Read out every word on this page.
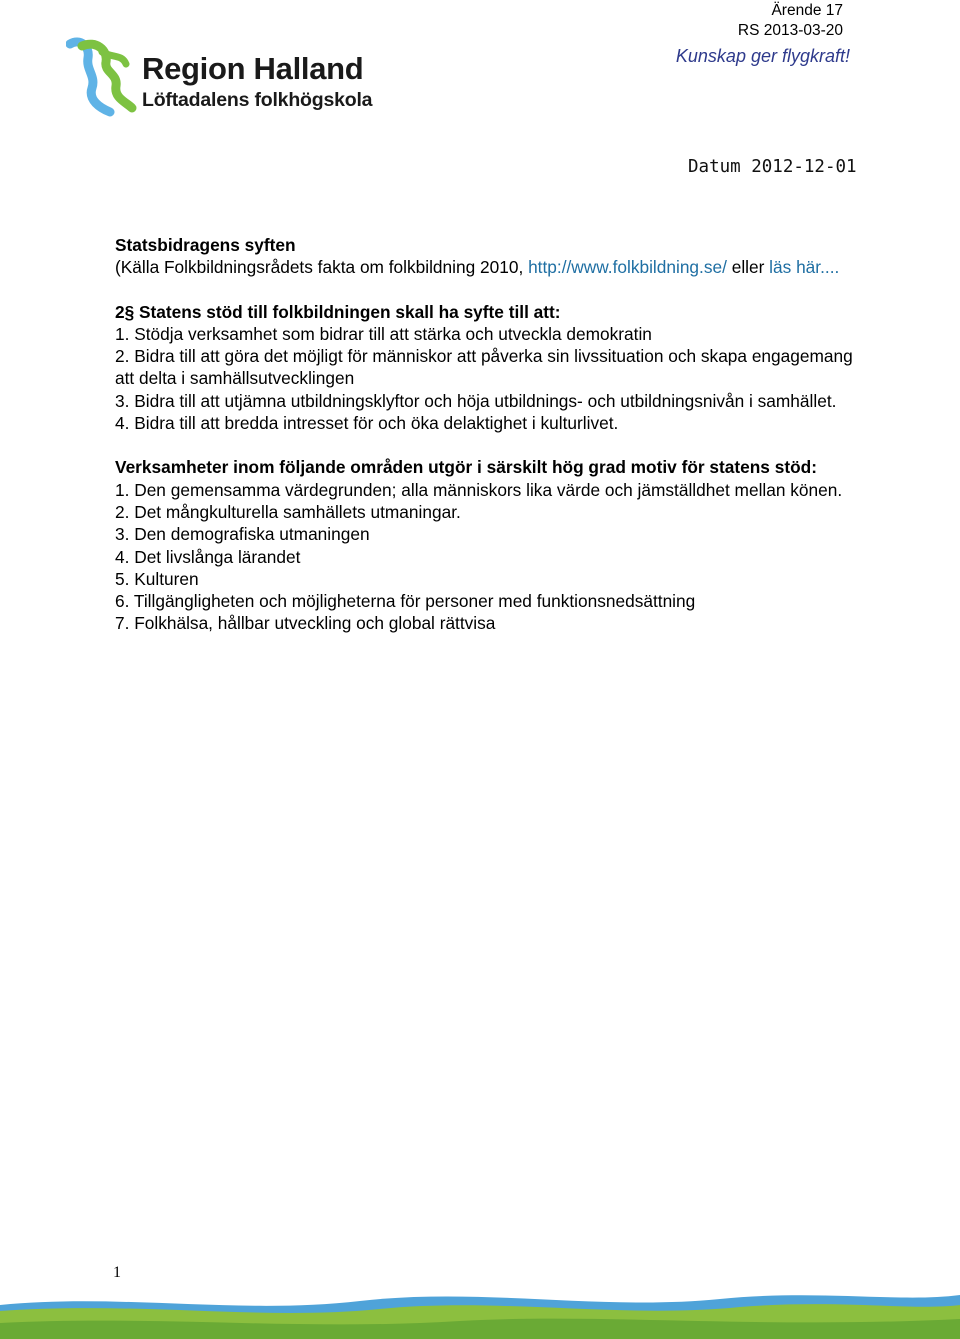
Ärende 17
RS 2013-03-20
Kunskap ger flygkraft!
Region Halland
Löftadalens folkhögskola
Datum 2012-12-01

Statsbidragens syften

(Källa Folkbildningsrådets fakta om folkbildning 2010, http://www.folkbildning.se/ eller läs här....

2§ Statens stöd till folkbildningen skall ha syfte till att:

1. Stödja verksamhet som bidrar till att stärka och utveckla demokratin

2. Bidra till att göra det möjligt för människor att påverka sin livssituation och skapa engagemang att delta i samhällsutvecklingen

3. Bidra till att utjämna utbildningsklyftor och höja utbildnings- och utbildningsnivån i samhället.

4. Bidra till att bredda intresset för och öka delaktighet i kulturlivet.

Verksamheter inom följande områden utgör i särskilt hög grad motiv för statens stöd:

1. Den gemensamma värdegrunden; alla människors lika värde och jämställdhet mellan könen.

2. Det mångkulturella samhällets utmaningar.

3. Den demografiska utmaningen

4. Det livslånga lärandet

5. Kulturen

6. Tillgängligheten och möjligheterna för personer med funktionsnedsättning

7. Folkhälsa, hållbar utveckling och global rättvisa

1
